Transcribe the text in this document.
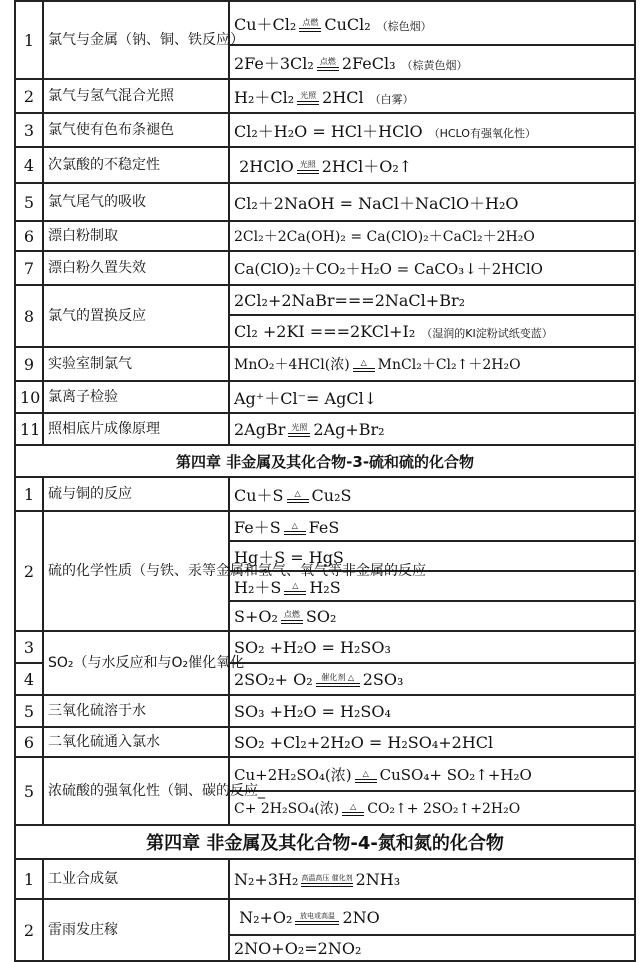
1	氯气与金属（钠、铜、铁反应）	Cu＋Cl₂ 点燃 CuCl₂ （棕色烟）
		2Fe＋3Cl₂ 点燃 2FeCl₃ （棕黄色烟）
2	氯气与氢气混合光照	H₂＋Cl₂ 光照 2HCl （白雾）
3	氯气使有色布条褪色	Cl₂＋H₂O = HCl＋HClO （HCLO有强氧化性）
4	次氯酸的不稳定性	2HClO 光照 2HCl＋O₂↑
5	氯气尾气的吸收	Cl₂＋2NaOH = NaCl＋NaClO＋H₂O
6	漂白粉制取	2Cl₂＋2Ca(OH)₂ = Ca(ClO)₂＋CaCl₂＋2H₂O
7	漂白粉久置失效	Ca(ClO)₂＋CO₂＋H₂O = CaCO₃↓＋2HClO
8	氯气的置换反应	2Cl₂+2NaBr===2NaCl+Br₂
		Cl₂ +2KI ===2KCl+I₂ （湿润的KI淀粉试纸变蓝）
9	实验室制氯气	MnO₂＋4HCl(浓) △ MnCl₂＋Cl₂↑＋2H₂O
10	氯离子检验	Ag⁺＋Cl⁻= AgCl↓
11	照相底片成像原理	2AgBr 光照 2Ag+Br₂
第四章 非金属及其化合物-3-硫和硫的化合物		
1	硫与铜的反应	Cu＋S △ Cu₂S
2	硫的化学性质（与铁、汞等金属和氢气、氧气等非金属的反应	Fe＋S △ FeS
		Hg＋S = HgS
		H₂＋S △ H₂S
		S+O₂ 点燃 SO₂
3	SO₂（与水反应和与O₂催化氧化	SO₂ +H₂O = H₂SO₃
4		2SO₂+ O₂ 催化剂 △ 2SO₃
5	三氧化硫溶于水	SO₃ +H₂O = H₂SO₄
6	二氧化硫通入氯水	SO₂ +Cl₂+2H₂O = H₂SO₄+2HCl
5	浓硫酸的强氧化性（铜、碳的反应_	Cu+2H₂SO₄(浓) △ CuSO₄+ SO₂↑+H₂O
		C+ 2H₂SO₄(浓) △ CO₂↑+ 2SO₂↑+2H₂O
第四章 非金属及其化合物-4-氮和氮的化合物		
1	工业合成氨	N₂+3H₂ 高温高压 催化剂 2NH₃
2	雷雨发庄稼	N₂+O₂ 放电或高温 2NO
		2NO+O₂=2NO₂
